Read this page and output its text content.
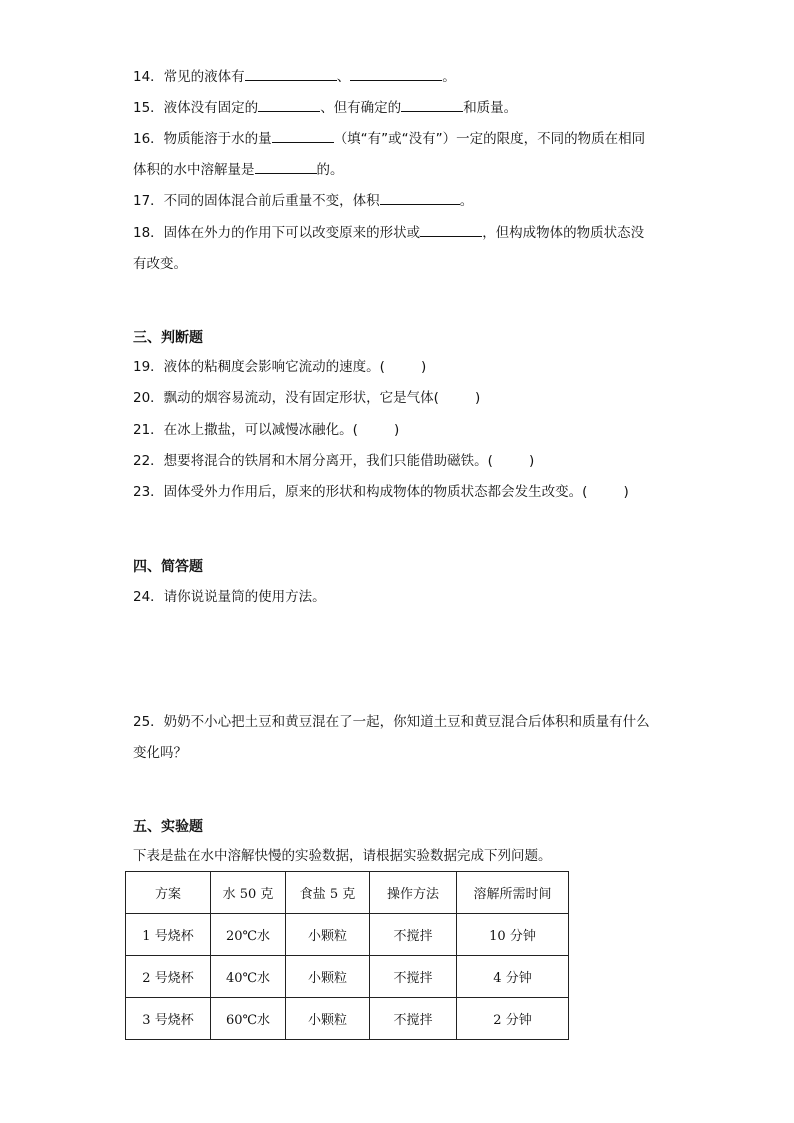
14．常见的液体有	、	。
15．液体没有固定的	、但有确定的	和质量。
16．物质能溶于水的量	（填“有”或“没有”）一定的限度，不同的物质在相同
体积的水中溶解量是	的。
17．不同的固体混合前后重量不变，体积	。
18．固体在外力的作用下可以改变原来的形状或	，但构成物体的物质状态没
有改变。
三、判断题
19．液体的粘稠度会影响它流动的速度。(	)
20．飘动的烟容易流动，没有固定形状，它是气体(	)
21．在冰上撒盐，可以减慢冰融化。(	)
22．想要将混合的铁屑和木屑分离开，我们只能借助磁铁。(	)
23．固体受外力作用后，原来的形状和构成物体的物质状态都会发生改变。(	)
四、简答题
24．请你说说量筒的使用方法。
25．奶奶不小心把土豆和黄豆混在了一起，你知道土豆和黄豆混合后体积和质量有什么
变化吗？
五、实验题
下表是盐在水中溶解快慢的实验数据，请根据实验数据完成下列问题。
方案	水 50 克	食盐 5 克	操作方法	溶解所需时间
1 号烧杯	20℃水	小颗粒	不搅拌	10 分钟
2 号烧杯	40℃水	小颗粒	不搅拌	4 分钟
3 号烧杯	60℃水	小颗粒	不搅拌	2 分钟
